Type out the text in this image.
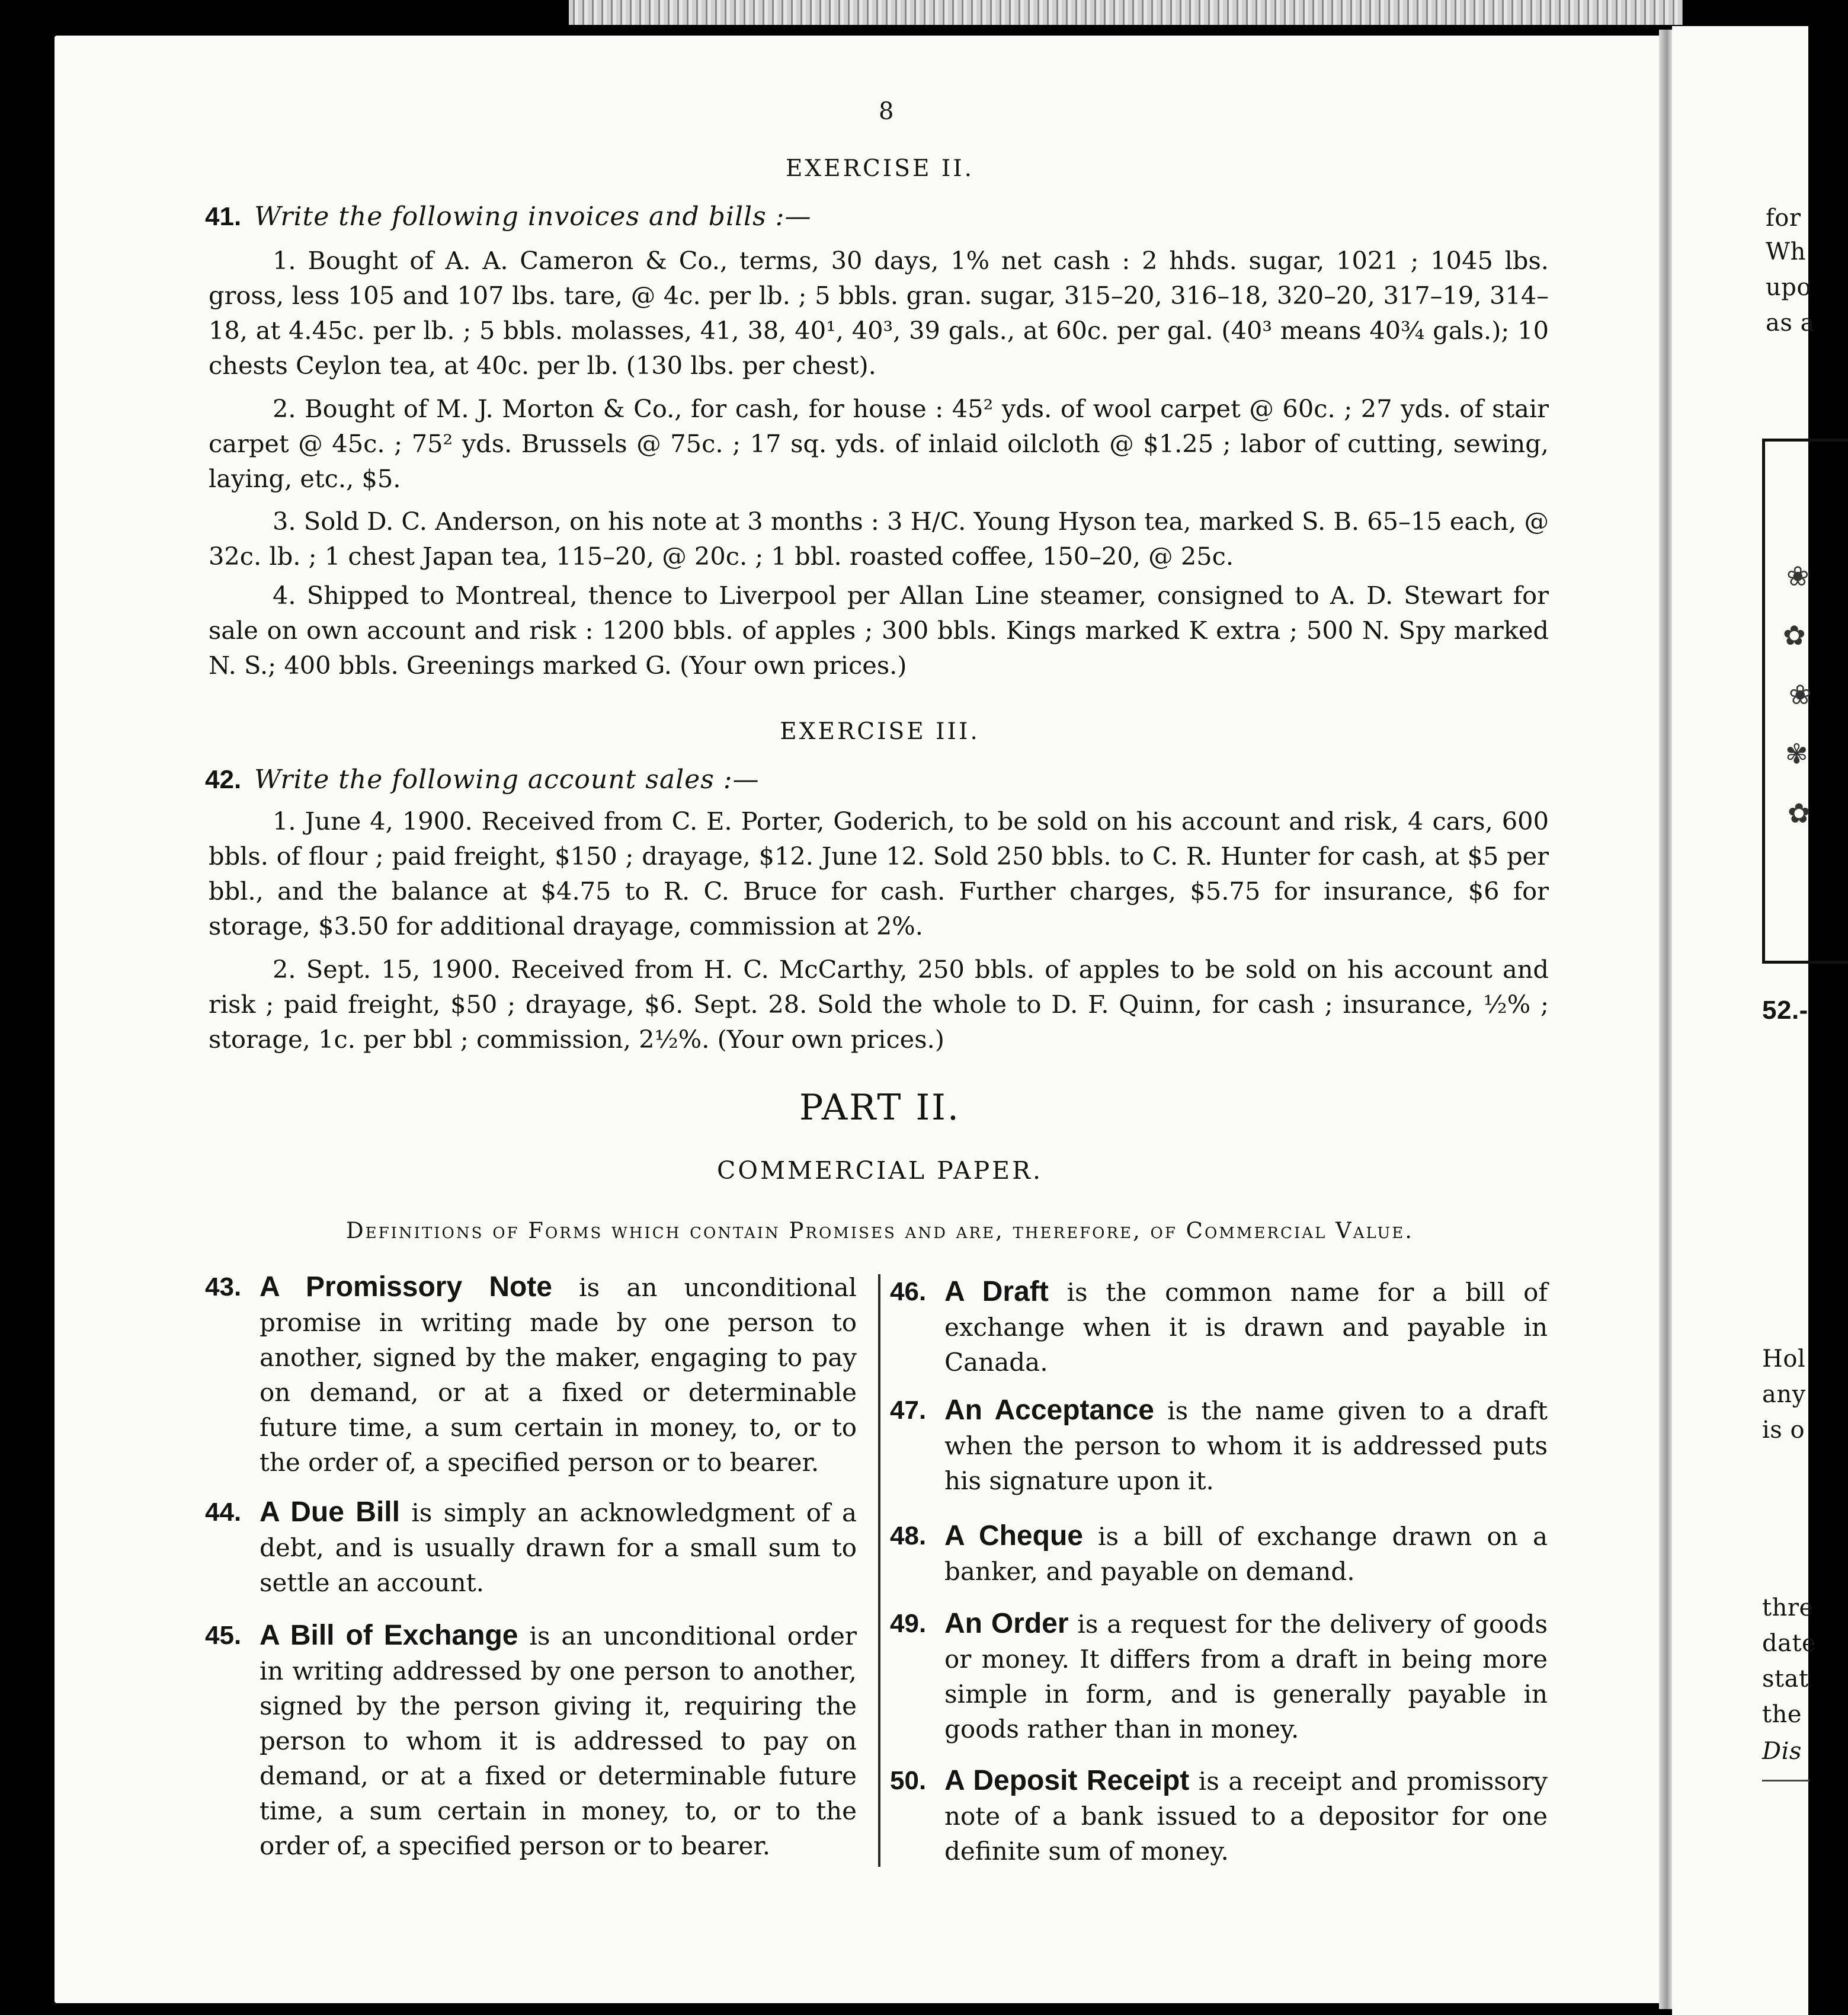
for
Wh
upo
as a
❀
✿
❀
✾
✿
52.-
Hol
any
is o
thre
date
stat
the
Dis
8
EXERCISE II.
41. Write the following invoices and bills :—

1. Bought of A. A. Cameron & Co., terms, 30 days, 1% net cash : 2 hhds. sugar, 1021 ; 1045 lbs. gross, less 105 and 107 lbs. tare, @ 4c. per lb. ; 5 bbls. gran. sugar, 315–20, 316–18, 320–20, 317–19, 314–18, at 4.45c. per lb. ; 5 bbls. molasses, 41, 38, 40¹, 40³, 39 gals., at 60c. per gal. (40³ means 40¾ gals.); 10 chests Ceylon tea, at 40c. per lb. (130 lbs. per chest).

2. Bought of M. J. Morton & Co., for cash, for house : 45² yds. of wool carpet @ 60c. ; 27 yds. of stair carpet @ 45c. ; 75² yds. Brussels @ 75c. ; 17 sq. yds. of inlaid oilcloth @ $1.25 ; labor of cutting, sewing, laying, etc., $5.

3. Sold D. C. Anderson, on his note at 3 months : 3 H/C. Young Hyson tea, marked S. B. 65–15 each, @ 32c. lb. ; 1 chest Japan tea, 115–20, @ 20c. ; 1 bbl. roasted coffee, 150–20, @ 25c.

4. Shipped to Montreal, thence to Liverpool per Allan Line steamer, consigned to A. D. Stewart for sale on own account and risk : 1200 bbls. of apples ; 300 bbls. Kings marked K extra ; 500 N. Spy marked N. S.; 400 bbls. Greenings marked G. (Your own prices.)

EXERCISE III.
42. Write the following account sales :—

1. June 4, 1900. Received from C. E. Porter, Goderich, to be sold on his account and risk, 4 cars, 600 bbls. of flour ; paid freight, $150 ; drayage, $12. June 12. Sold 250 bbls. to C. R. Hunter for cash, at $5 per bbl., and the balance at $4.75 to R. C. Bruce for cash. Further charges, $5.75 for insurance, $6 for storage, $3.50 for additional drayage, commission at 2%.

2. Sept. 15, 1900. Received from H. C. McCarthy, 250 bbls. of apples to be sold on his account and risk ; paid freight, $50 ; drayage, $6. Sept. 28. Sold the whole to D. F. Quinn, for cash ; insurance, ½% ; storage, 1c. per bbl ; commission, 2½%. (Your own prices.)

PART II.
COMMERCIAL PAPER.
Definitions of Forms which contain Promises and are, therefore, of Commercial Value.
43. A Promissory Note is an unconditional promise in writing made by one person to another, signed by the maker, engaging to pay on demand, or at a fixed or determinable future time, a sum certain in money, to, or to the order of, a specified person or to bearer.
44. A Due Bill is simply an acknowledgment of a debt, and is usually drawn for a small sum to settle an account.
45. A Bill of Exchange is an unconditional order in writing addressed by one person to another, signed by the person giving it, requiring the person to whom it is addressed to pay on demand, or at a fixed or determinable future time, a sum certain in money, to, or to the order of, a specified person or to bearer.
46. A Draft is the common name for a bill of exchange when it is drawn and payable in Canada.
47. An Acceptance is the name given to a draft when the person to whom it is addressed puts his signature upon it.
48. A Cheque is a bill of exchange drawn on a banker, and payable on demand.
49. An Order is a request for the delivery of goods or money. It differs from a draft in being more simple in form, and is generally payable in goods rather than in money.
50. A Deposit Receipt is a receipt and promissory note of a bank issued to a depositor for one definite sum of money.
